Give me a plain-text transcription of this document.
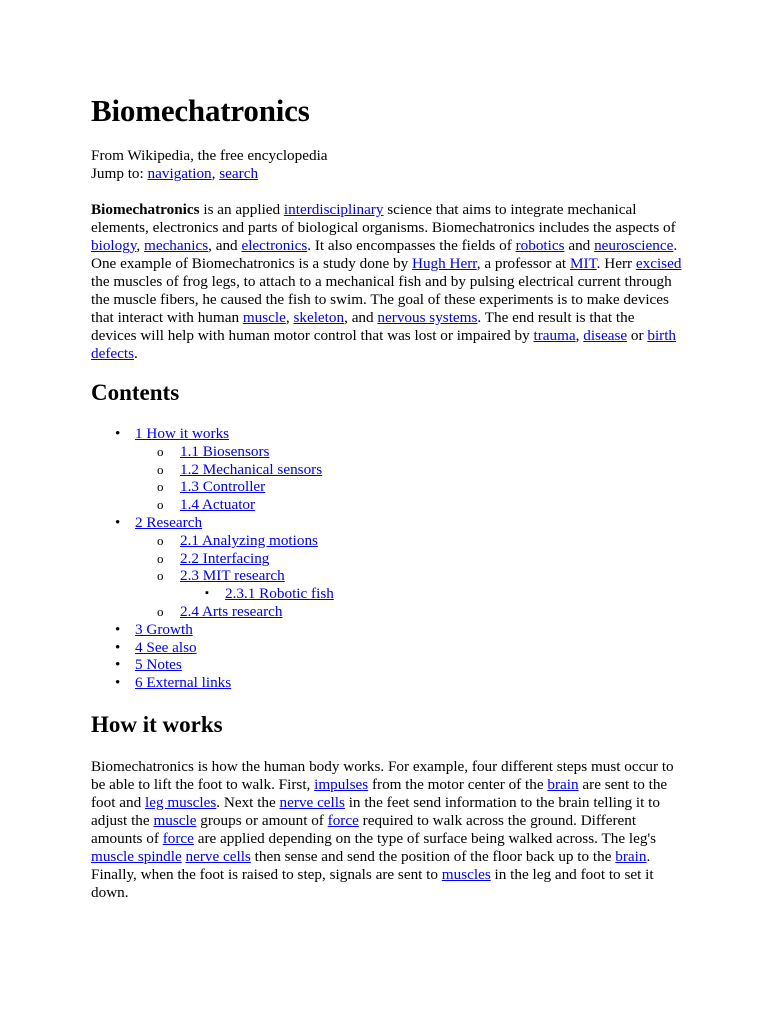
Biomechatronics
From Wikipedia, the free encyclopedia
Jump to: navigation, search

Biomechatronics is an applied interdisciplinary science that aims to integrate mechanical elements, electronics and parts of biological organisms. Biomechatronics includes the aspects of biology, mechanics, and electronics. It also encompasses the fields of robotics and neuroscience. One example of Biomechatronics is a study done by Hugh Herr, a professor at MIT. Herr excised the muscles of frog legs, to attach to a mechanical fish and by pulsing electrical current through the muscle fibers, he caused the fish to swim. The goal of these experiments is to make devices that interact with human muscle, skeleton, and nervous systems. The end result is that the devices will help with human motor control that was lost or impaired by trauma, disease or birth defects.

Contents
• 1 How it works
o 1.1 Biosensors
o 1.2 Mechanical sensors
o 1.3 Controller
o 1.4 Actuator
• 2 Research
o 2.1 Analyzing motions
o 2.2 Interfacing
o 2.3 MIT research
▪ 2.3.1 Robotic fish
o 2.4 Arts research
• 3 Growth
• 4 See also
• 5 Notes
• 6 External links
How it works

Biomechatronics is how the human body works. For example, four different steps must occur to be able to lift the foot to walk. First, impulses from the motor center of the brain are sent to the foot and leg muscles. Next the nerve cells in the feet send information to the brain telling it to adjust the muscle groups or amount of force required to walk across the ground. Different amounts of force are applied depending on the type of surface being walked across. The leg's muscle spindle nerve cells then sense and send the position of the floor back up to the brain. Finally, when the foot is raised to step, signals are sent to muscles in the leg and foot to set it down.
